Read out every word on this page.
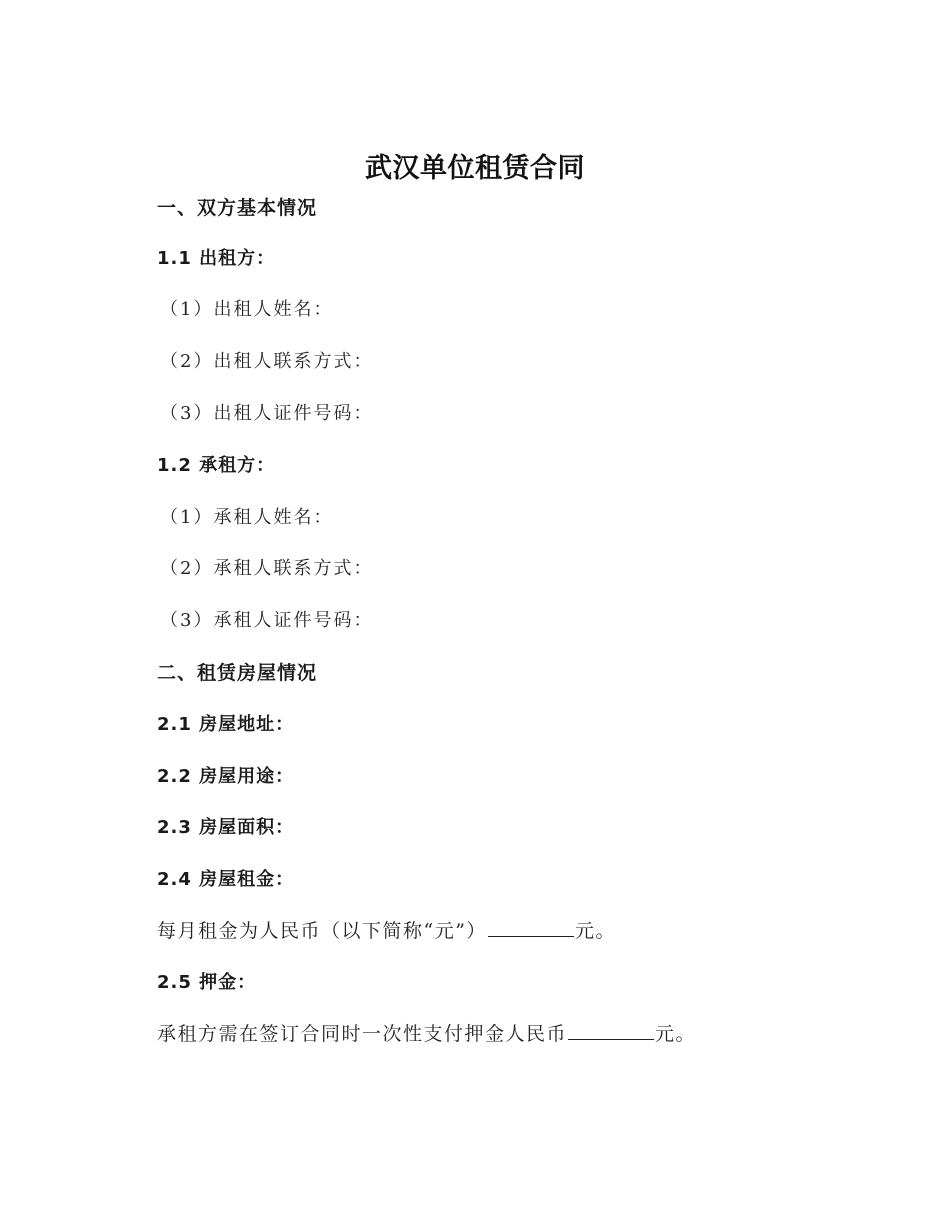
武汉单位租赁合同
一、双方基本情况
1.1 出租方：
（1）出租人姓名：
（2）出租人联系方式：
（3）出租人证件号码：
1.2 承租方：
（1）承租人姓名：
（2）承租人联系方式：
（3）承租人证件号码：
二、租赁房屋情况
2.1 房屋地址：
2.2 房屋用途：
2.3 房屋面积：
2.4 房屋租金：
每月租金为人民币（以下简称“元”）	元。
2.5 押金：
承租方需在签订合同时一次性支付押金人民币	元。
